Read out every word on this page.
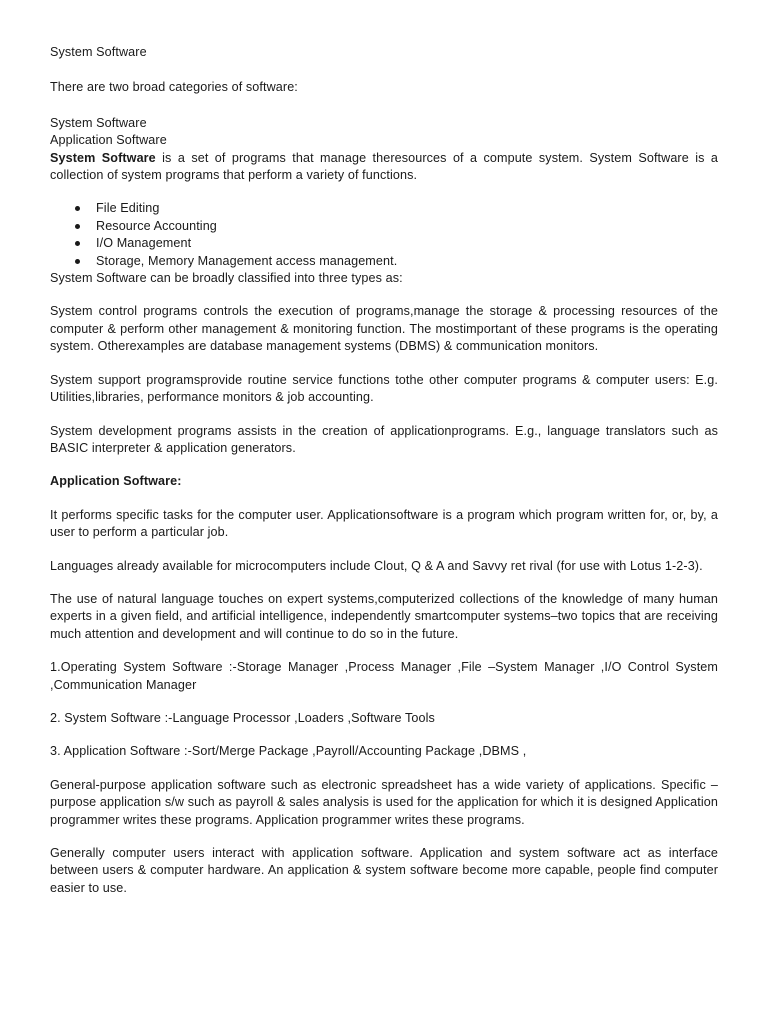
System Software

There are two broad categories of software:

System Software

Application Software

System Software is a set of programs that manage theresources of a compute system. System Software is a collection of system programs that perform a variety of functions.

File Editing
Resource Accounting
I/O Management
Storage, Memory Management access management.

System Software can be broadly classified into three types as:

System control programs controls the execution of programs,manage the storage & processing resources of the computer & perform other management & monitoring function. The mostimportant of these programs is the operating system. Otherexamples are database management systems (DBMS) & communication monitors.

System support programsprovide routine service functions tothe other computer programs & computer users: E.g. Utilities,libraries, performance monitors & job accounting.

System development programs assists in the creation of applicationprograms. E.g., language translators such as BASIC interpreter & application generators.

Application Software:

It performs specific tasks for the computer user. Applicationsoftware is a program which program written for, or, by, a user to perform a particular job.

Languages already available for microcomputers include Clout, Q & A and Savvy ret rival (for use with Lotus 1-2-3).

The use of natural language touches on expert systems,computerized collections of the knowledge of many human experts in a given field, and artificial intelligence, independently smartcomputer systems–two topics that are receiving much attention and development and will continue to do so in the future.

1.Operating System Software :-Storage Manager ,Process Manager ,File –System Manager ,I/O Control System ,Communication Manager

2. System Software :-Language Processor ,Loaders ,Software Tools

3. Application Software :-Sort/Merge Package ,Payroll/Accounting Package ,DBMS ,

General-purpose application software such as electronic spreadsheet has a wide variety of applications. Specific –purpose application s/w such as payroll & sales analysis is used for the application for which it is designed Application programmer writes these programs. Application programmer writes these programs.

Generally computer users interact with application software. Application and system software act as interface between users & computer hardware. An application & system software become more capable, people find computer easier to use.
